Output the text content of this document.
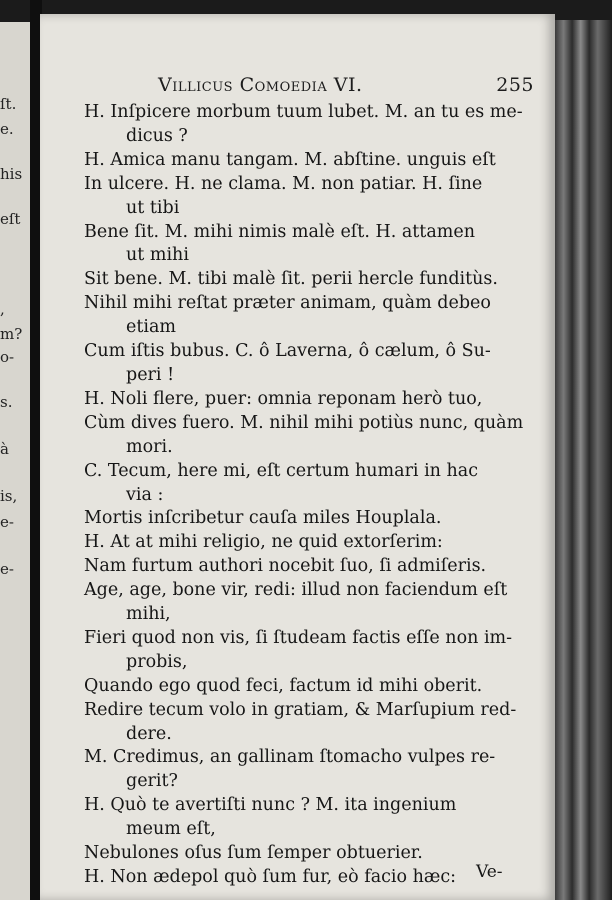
ſt.
e.
his
eſt
,
m?
o-
s.
à
is,
e-
e-
Villicus Comoedia VI.	255
H. Inſpicere morbum tuum lubet. M. an tu es me-
dicus ?
H. Amica manu tangam. M. abſtine. unguis eſt
In ulcere. H. ne clama. M. non patiar. H. ſine
ut tibi
Bene ſit. M. mihi nimis malè eſt. H. attamen
ut mihi
Sit bene. M. tibi malè ſit. perii hercle funditùs.
Nihil mihi reſtat præter animam, quàm debeo
etiam
Cum iſtis bubus. C. ô Laverna, ô cælum, ô Su-
peri !
H. Noli flere, puer: omnia reponam herò tuo,
Cùm dives fuero. M. nihil mihi potiùs nunc, quàm
mori.
C. Tecum, here mi, eſt certum humari in hac
via :
Mortis inſcribetur cauſa miles Houplala.
H. At at mihi religio, ne quid extorſerim:
Nam furtum authori nocebit ſuo, ſi admiſeris.
Age, age, bone vir, redi: illud non faciendum eſt
mihi,
Fieri quod non vis, ſi ſtudeam factis eſſe non im-
probis,
Quando ego quod feci, factum id mihi oberit.
Redire tecum volo in gratiam, & Marſupium red-
dere.
M. Credimus, an gallinam ſtomacho vulpes re-
gerit?
H. Quò te avertiſti nunc ? M. ita ingenium
meum eſt,
Nebulones oſus ſum ſemper obtuerier.
H. Non ædepol quò ſum fur, eò facio hæc:	Ve-
